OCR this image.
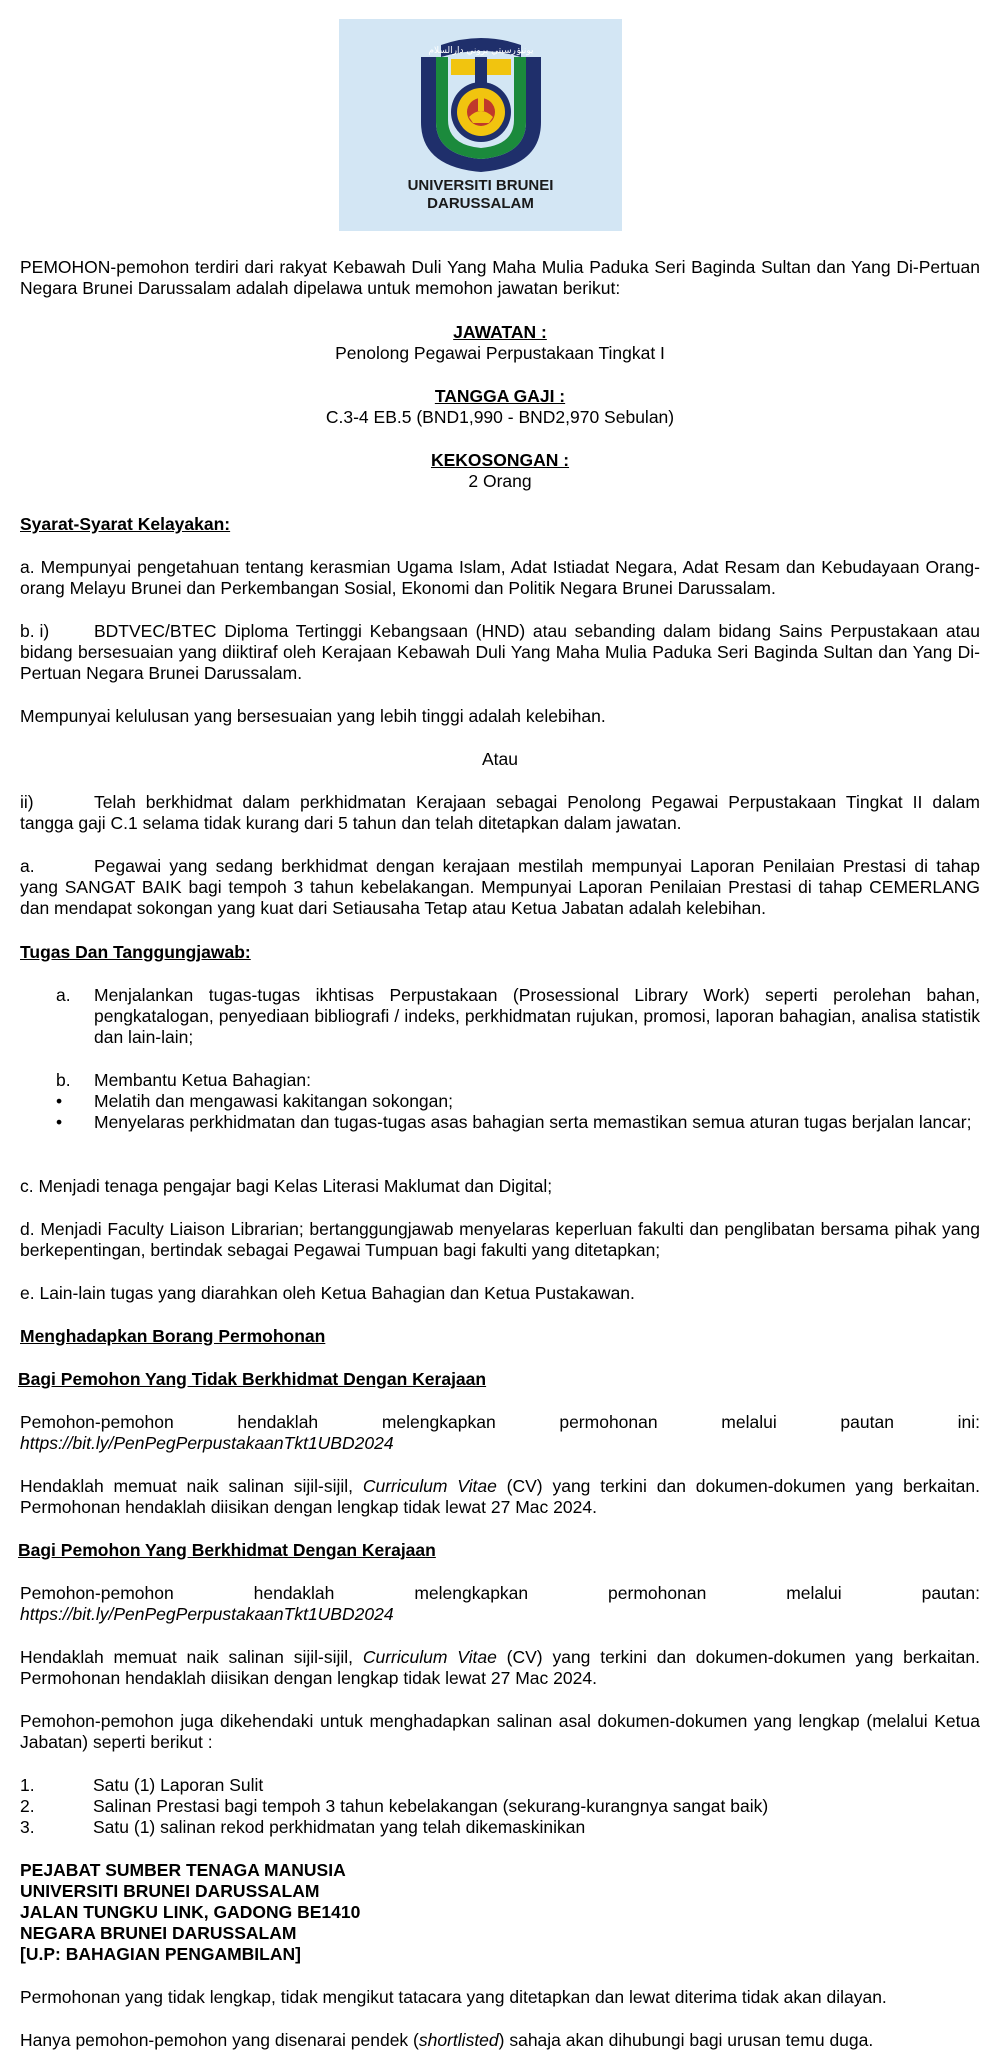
يونيۏرسيتي بروني دارالسلام
UNIVERSITI BRUNEI
DARUSSALAM
PEMOHON-pemohon terdiri dari rakyat Kebawah Duli Yang Maha Mulia Paduka Seri Baginda Sultan dan Yang Di-Pertuan Negara Brunei Darussalam adalah dipelawa untuk memohon jawatan berikut:
JAWATAN :
Penolong Pegawai Perpustakaan Tingkat I
TANGGA GAJI :
C.3-4 EB.5 (BND1,990 - BND2,970 Sebulan)
KEKOSONGAN :
2 Orang
Syarat-Syarat Kelayakan:
a. Mempunyai pengetahuan tentang kerasmian Ugama Islam, Adat Istiadat Negara, Adat Resam dan Kebudayaan Orang-orang Melayu Brunei dan Perkembangan Sosial, Ekonomi dan Politik Negara Brunei Darussalam.
b. i)	BDTVEC/BTEC Diploma Tertinggi Kebangsaan (HND) atau sebanding dalam bidang Sains Perpustakaan atau bidang bersesuaian yang diiktiraf oleh Kerajaan Kebawah Duli Yang Maha Mulia Paduka Seri Baginda Sultan dan Yang Di-Pertuan Negara Brunei Darussalam.
Mempunyai kelulusan yang bersesuaian yang lebih tinggi adalah kelebihan.
Atau
ii)	Telah berkhidmat dalam perkhidmatan Kerajaan sebagai Penolong Pegawai Perpustakaan Tingkat II dalam tangga gaji C.1 selama tidak kurang dari 5 tahun dan telah ditetapkan dalam jawatan.
a.	Pegawai yang sedang berkhidmat dengan kerajaan mestilah mempunyai Laporan Penilaian Prestasi di tahap yang SANGAT BAIK bagi tempoh 3 tahun kebelakangan. Mempunyai Laporan Penilaian Prestasi di tahap CEMERLANG dan mendapat sokongan yang kuat dari Setiausaha Tetap atau Ketua Jabatan adalah kelebihan.
Tugas Dan Tanggungjawab:
a. Menjalankan tugas-tugas ikhtisas Perpustakaan (Prosessional Library Work) seperti perolehan bahan, pengkatalogan, penyediaan bibliografi / indeks, perkhidmatan rujukan, promosi, laporan bahagian, analisa statistik dan lain-lain;
b. Membantu Ketua Bahagian:
• Melatih dan mengawasi kakitangan sokongan;
• Menyelaras perkhidmatan dan tugas-tugas asas bahagian serta memastikan semua aturan tugas berjalan lancar;
c. Menjadi tenaga pengajar bagi Kelas Literasi Maklumat dan Digital;
d. Menjadi Faculty Liaison Librarian; bertanggungjawab menyelaras keperluan fakulti dan penglibatan bersama pihak yang berkepentingan, bertindak sebagai Pegawai Tumpuan bagi fakulti yang ditetapkan;
e. Lain-lain tugas yang diarahkan oleh Ketua Bahagian dan Ketua Pustakawan.
Menghadapkan Borang Permohonan
Bagi Pemohon Yang Tidak Berkhidmat Dengan Kerajaan
Pemohon-pemohon	hendaklah	melengkapkan	permohonan	melalui	pautan	ini:
https://bit.ly/PenPegPerpustakaanTkt1UBD2024
Hendaklah memuat naik salinan sijil-sijil, Curriculum Vitae (CV) yang terkini dan dokumen-dokumen yang berkaitan. Permohonan hendaklah diisikan dengan lengkap tidak lewat 27 Mac 2024.
Bagi Pemohon Yang Berkhidmat Dengan Kerajaan
Pemohon-pemohon	hendaklah	melengkapkan	permohonan	melalui	pautan:
https://bit.ly/PenPegPerpustakaanTkt1UBD2024
Hendaklah memuat naik salinan sijil-sijil, Curriculum Vitae (CV) yang terkini dan dokumen-dokumen yang berkaitan. Permohonan hendaklah diisikan dengan lengkap tidak lewat 27 Mac 2024.
Pemohon-pemohon juga dikehendaki untuk menghadapkan salinan asal dokumen-dokumen yang lengkap (melalui Ketua Jabatan) seperti berikut :
1.	Satu (1) Laporan Sulit
2.	Salinan Prestasi bagi tempoh 3 tahun kebelakangan (sekurang-kurangnya sangat baik)
3.	Satu (1) salinan rekod perkhidmatan yang telah dikemaskinikan
PEJABAT SUMBER TENAGA MANUSIA
UNIVERSITI BRUNEI DARUSSALAM
JALAN TUNGKU LINK, GADONG BE1410
NEGARA BRUNEI DARUSSALAM
[U.P: BAHAGIAN PENGAMBILAN]
Permohonan yang tidak lengkap, tidak mengikut tatacara yang ditetapkan dan lewat diterima tidak akan dilayan.
Hanya pemohon-pemohon yang disenarai pendek (shortlisted) sahaja akan dihubungi bagi urusan temu duga.
